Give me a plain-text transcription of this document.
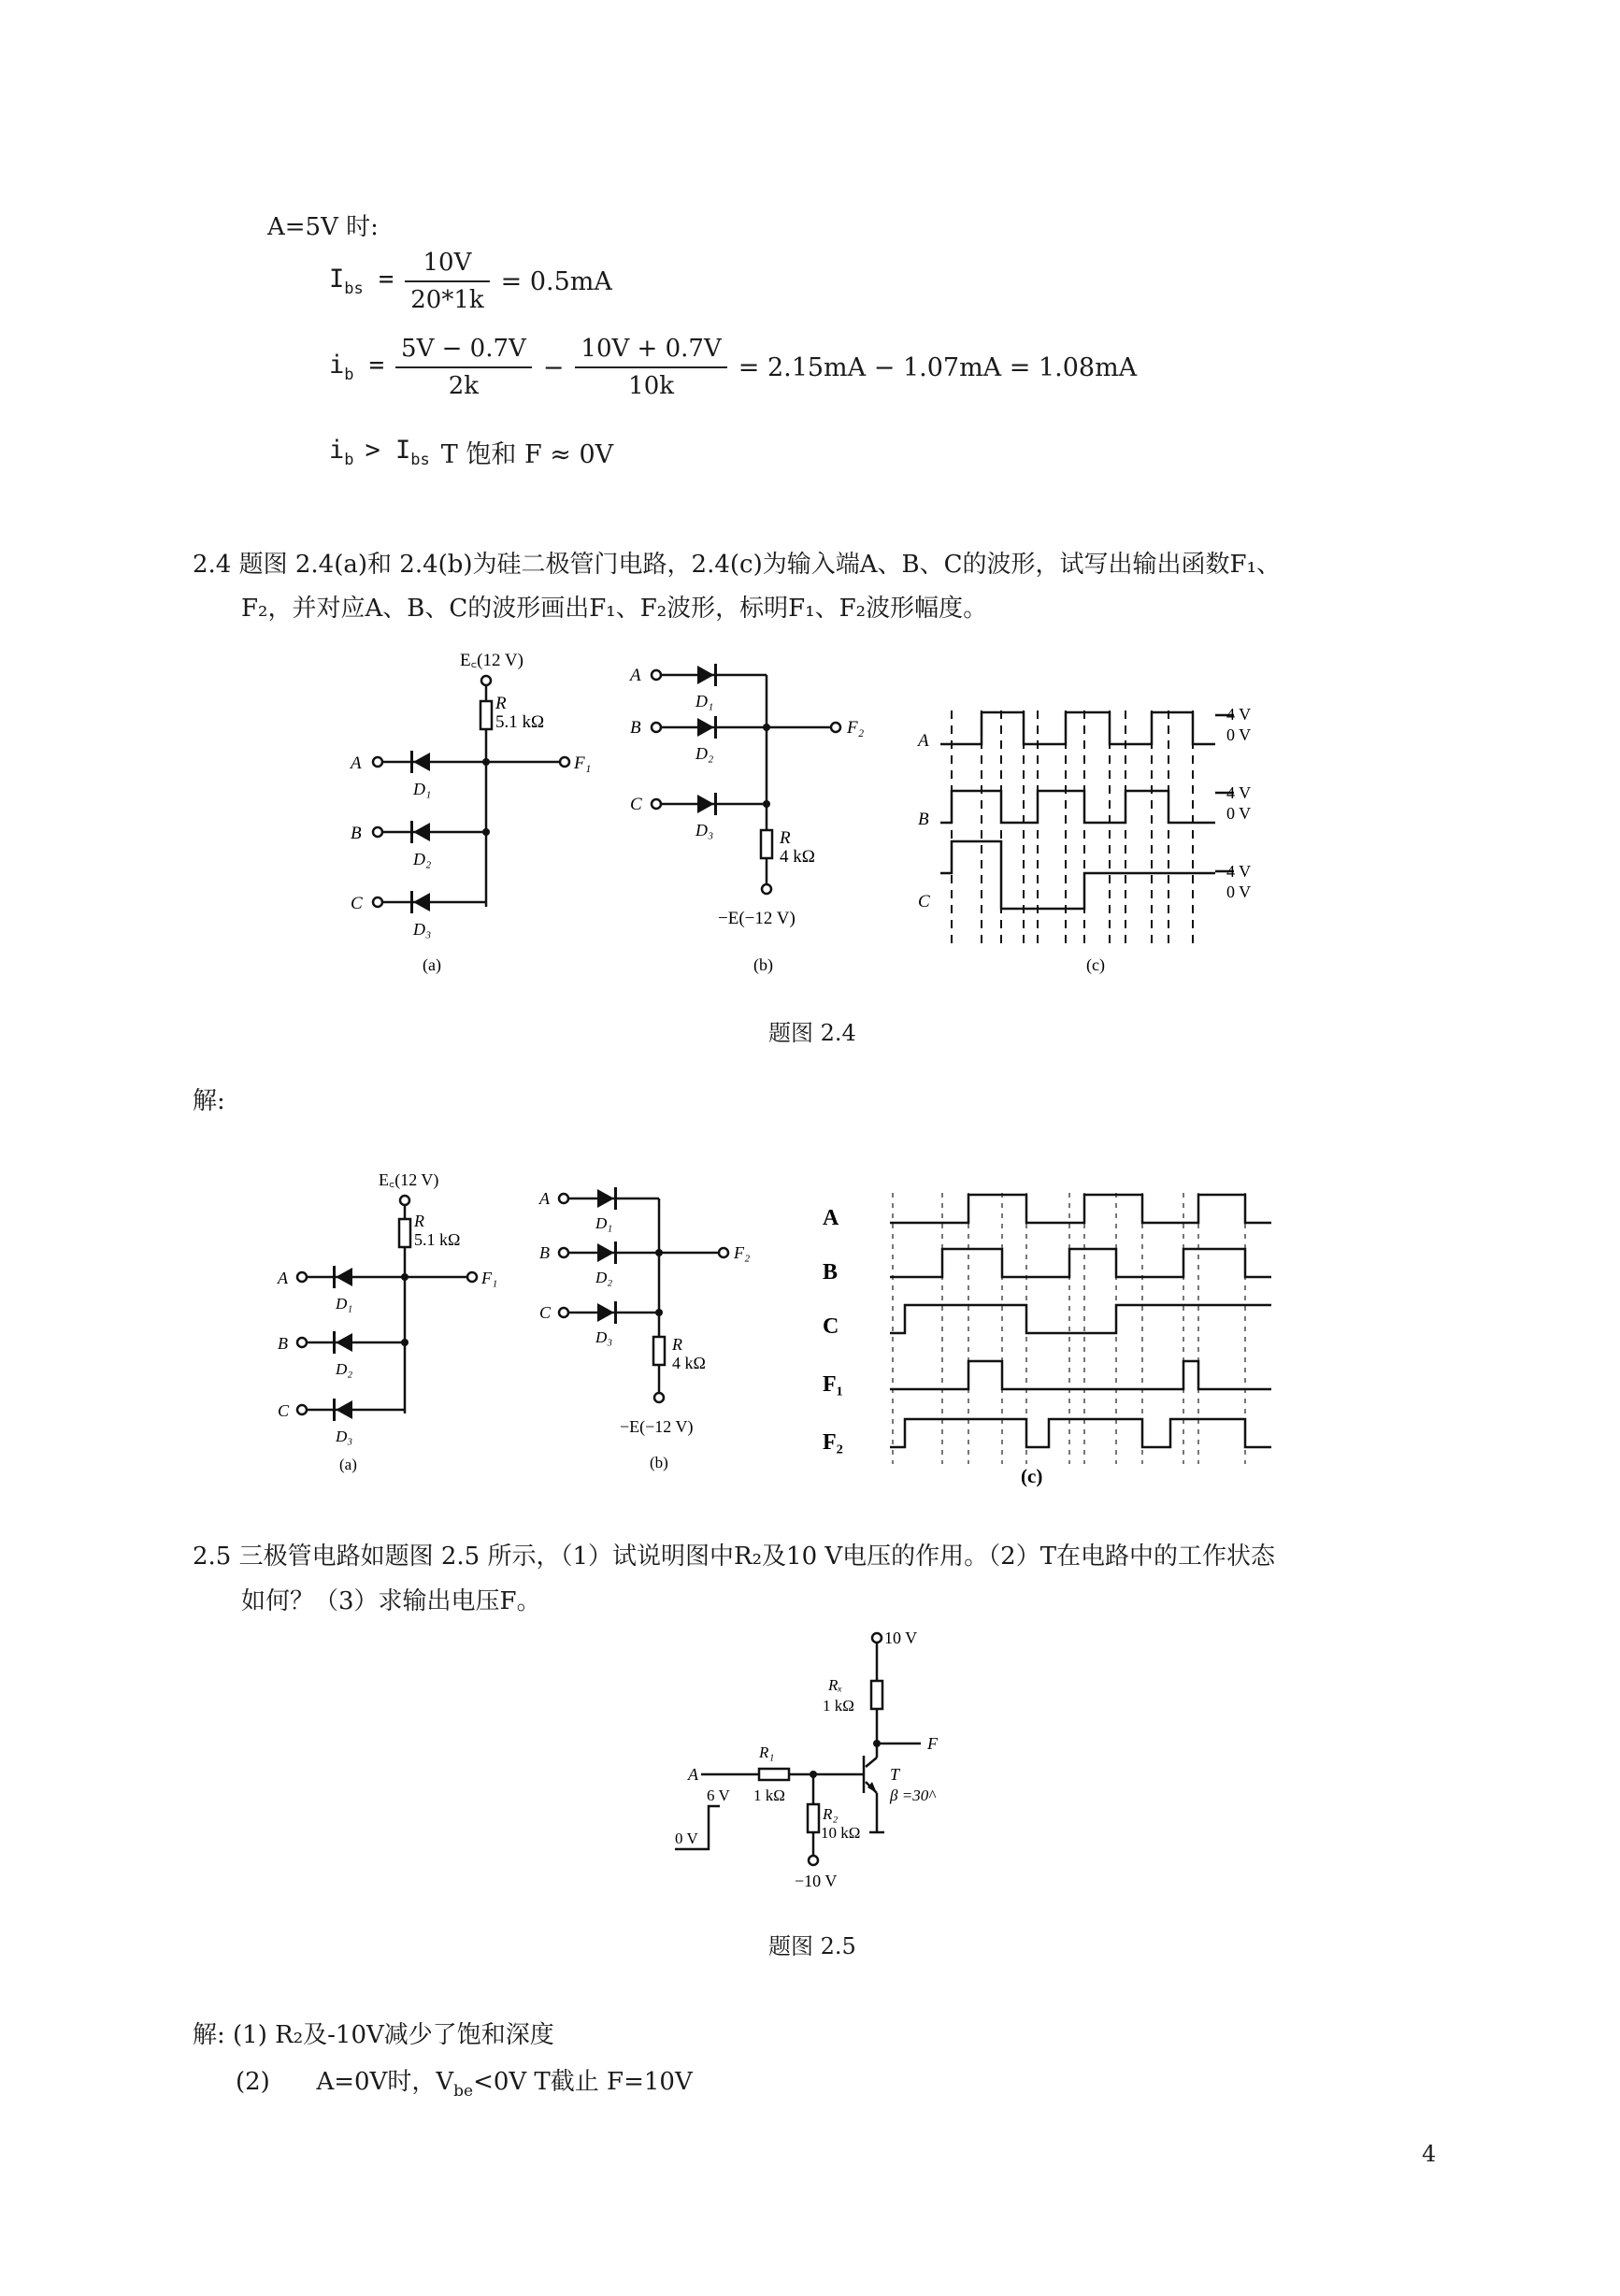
A=5V 时:
$I_{bs} = \frac{10V}{20*1k} = 0.5mA$
$i_b = \frac{5V - 0.7V}{2k} - \frac{10V + 0.7V}{10k} = 2.15mA - 1.07mA = 1.08mA$
$i_b > I_{bs}$ T 饱和 F ≈ 0V
2.4 题图 2.4(a)和 2.4(b)为硅二极管门电路，2.4(c)为输入端A、B、C的波形，试写出输出函数F₁、
F₂，并对应A、B、C的波形画出F₁、F₂波形，标明F₁、F₂波形幅度。
E꜀(12 V)
R
5.1 kΩ
A
B
C
D₁
D₂
D₃
F₁
(a)
A
B
C
D₁
D₂
D₃
F₂
R
4 kΩ
−E(−12 V)
(b)
A
B
C
4 V
0 V
4 V
0 V
4 V
0 V
(c)
题图 2.4
解:
E꜀(12 V)
R
5.1 kΩ
A
B
C
D₁
D₂
D₃
F₁
(a)
A
B
C
D₁
D₂
D₃
F₂
R
4 kΩ
−E(−12 V)
(b)
A
B
C
F₁
F₂
(c)
2.5 三极管电路如题图 2.5 所示，（1）试说明图中R₂及10 V电压的作用。（2）T在电路中的工作状态
如何？（3）求输出电压F。
10 V
Rₓ
1 kΩ
F
A
R₁
1 kΩ
T
β =30^
R₂
10 kΩ
−10 V
6 V
0 V
题图 2.5
解: (1) R₂及-10V减少了饱和深度
(2) A=0V时，$V_{be}<0V$ T截止 F=10V
4
